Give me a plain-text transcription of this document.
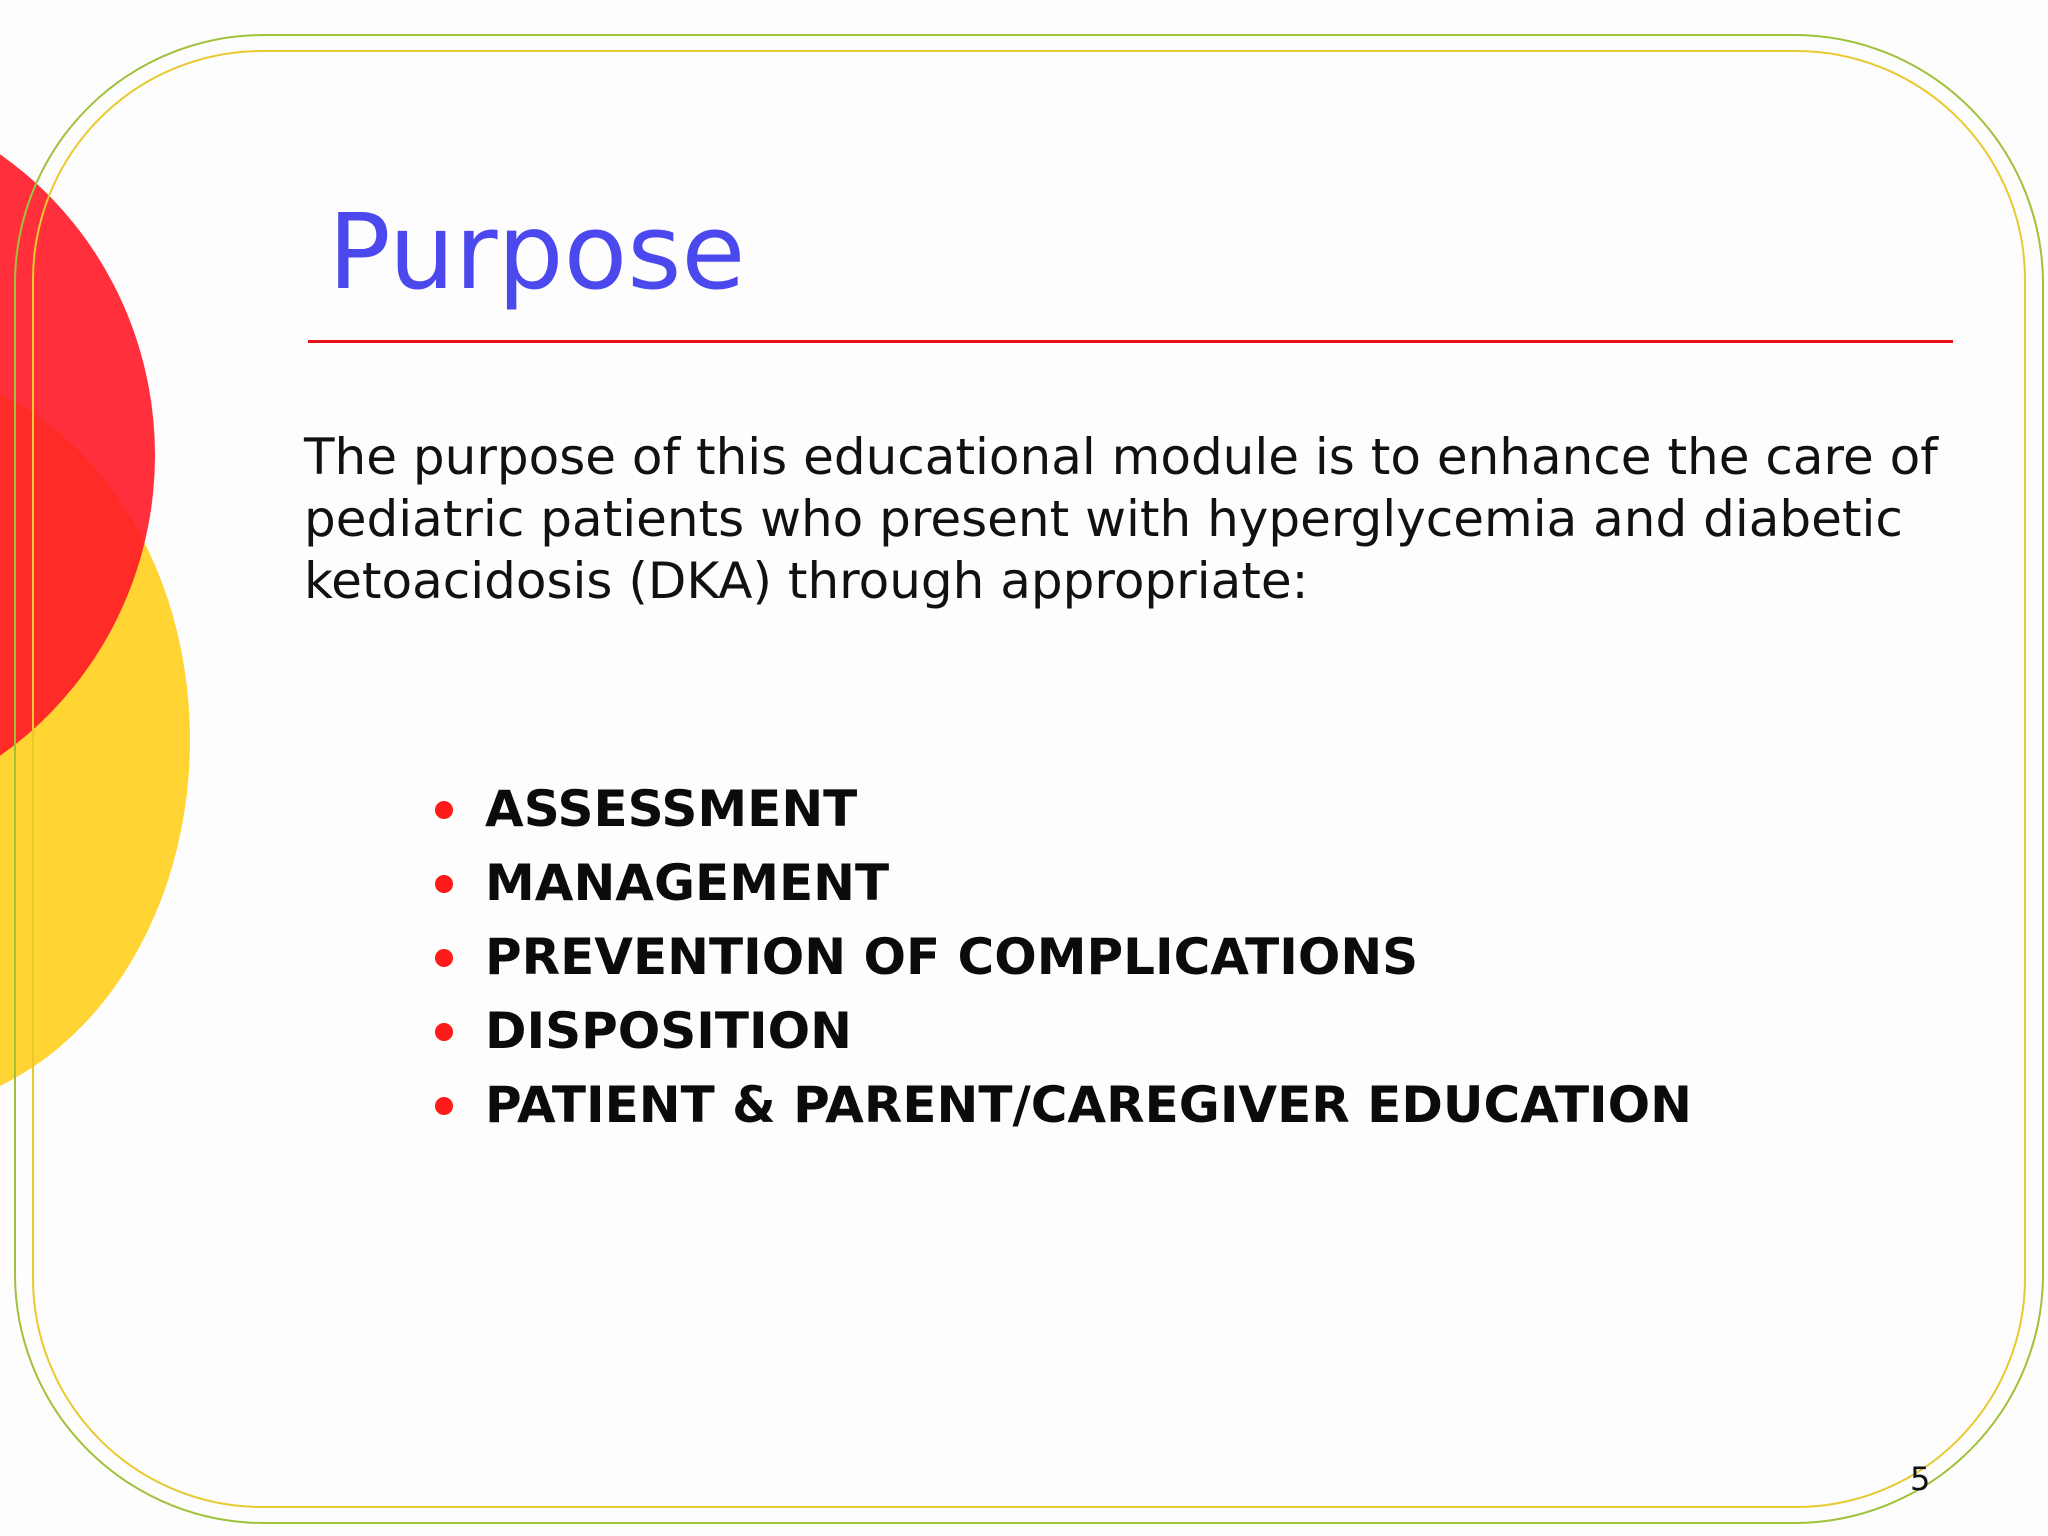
Purpose

The purpose of this educational module is to enhance the care of pediatric patients who present with hyperglycemia and diabetic ketoacidosis (DKA) through appropriate:

ASSESSMENT
MANAGEMENT
PREVENTION OF COMPLICATIONS
DISPOSITION
PATIENT & PARENT/CAREGIVER EDUCATION
5
